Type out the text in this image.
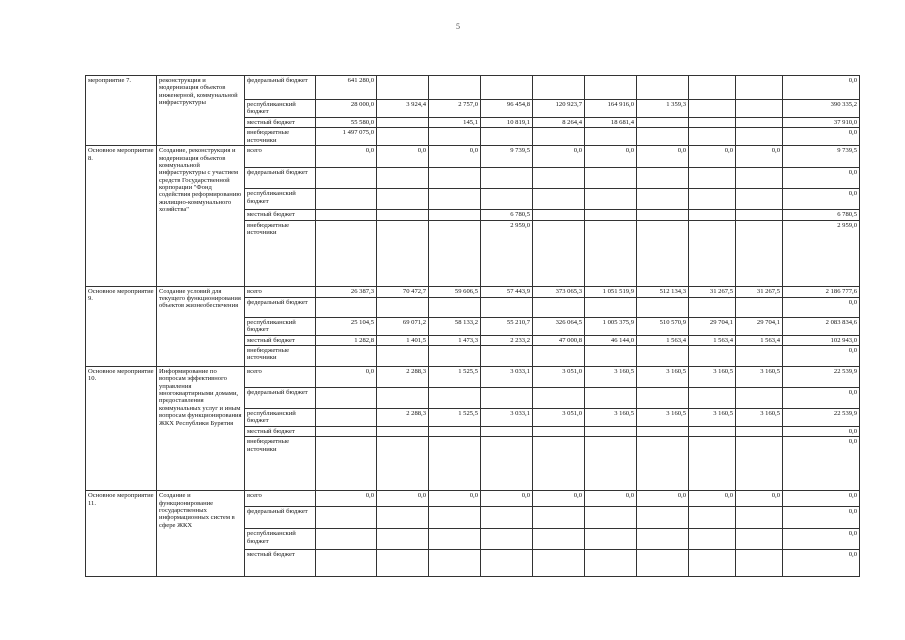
5
мероприятие 7.	реконструкция и модернизация объектов инженерной, коммунальной инфраструктуры	федеральный бюджет	641 280,0									0,0
		республиканский бюджет	28 000,0	3 924,4	2 757,0	96 454,8	120 923,7	164 916,0	1 359,3			390 335,2
		местный бюджет	55 580,0		145,1	10 819,1	8 264,4	18 681,4				37 910,0
		внебюджетные источники	1 497 075,0									0,0
Основное мероприятие 8.	Создание, реконструкция и модернизация объектов коммунальной инфраструктуры с участием средств Государственной корпорации "Фонд содействия реформированию жилищно-коммунального хозяйства"	всего	0,0	0,0	0,0	9 739,5	0,0	0,0	0,0	0,0	0,0	9 739,5
		федеральный бюджет										0,0
		республиканский бюджет										0,0
		местный бюджет				6 780,5						6 780,5
		внебюджетные источники				2 959,0						2 959,0
Основное мероприятие 9.	Создание условий для текущего функционирования объектов жизнеобеспечения	всего	26 387,3	70 472,7	59 606,5	57 443,9	373 065,3	1 051 519,9	512 134,3	31 267,5	31 267,5	2 186 777,6
		федеральный бюджет										0,0
		республиканский бюджет	25 104,5	69 071,2	58 133,2	55 210,7	326 064,5	1 005 375,9	510 570,9	29 704,1	29 704,1	2 083 834,6
		местный бюджет	1 282,8	1 401,5	1 473,3	2 233,2	47 000,8	46 144,0	1 563,4	1 563,4	1 563,4	102 943,0
		внебюджетные источники										0,0
Основное мероприятие 10.	Информирование по вопросам эффективного управления многоквартирными домами, предоставления коммунальных услуг и иным вопросам функционирования ЖКХ Республики Бурятия	всего	0,0	2 288,3	1 525,5	3 033,1	3 051,0	3 160,5	3 160,5	3 160,5	3 160,5	22 539,9
		федеральный бюджет										0,0
		республиканский бюджет		2 288,3	1 525,5	3 033,1	3 051,0	3 160,5	3 160,5	3 160,5	3 160,5	22 539,9
		местный бюджет										0,0
		внебюджетные источники										0,0
Основное мероприятие 11.	Создание и функционирование государственных информационных систем в сфере ЖКХ	всего	0,0	0,0	0,0	0,0	0,0	0,0	0,0	0,0	0,0	0,0
		федеральный бюджет										0,0
		республиканский бюджет										0,0
		местный бюджет										0,0
